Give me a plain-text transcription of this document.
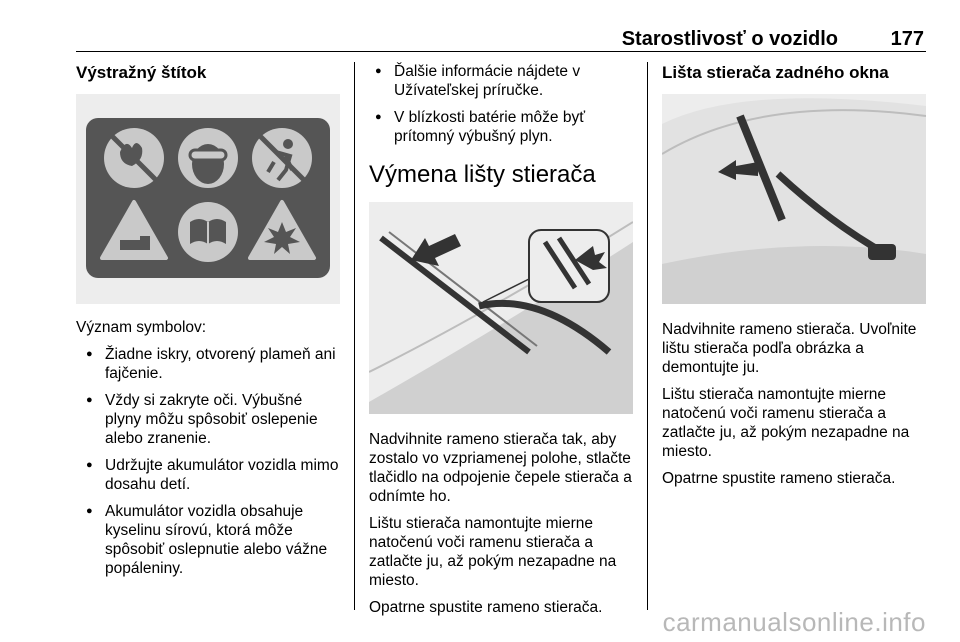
Starostlivosť o vozidlo	177
Výstražný štítok

Význam symbolov:

● Žiadne iskry, otvorený plameň ani fajčenie.
● Vždy si zakryte oči. Výbušné plyny môžu spôsobiť oslepenie alebo zranenie.
● Udržujte akumulátor vozidla mimo dosahu detí.
● Akumulátor vozidla obsahuje kyselinu sírovú, ktorá môže spôsobiť oslepnutie alebo vážne popáleniny.
● Ďalšie informácie nájdete v Užívateľskej príručke.
● V blízkosti batérie môže byť prítomný výbušný plyn.
Výmena lišty stierača

Nadvihnite rameno stierača tak, aby zostalo vo vzpriamenej polohe, stlačte tlačidlo na odpojenie čepele stierača a odnímte ho.

Lištu stierača namontujte mierne natočenú voči ramenu stierača a zatlačte ju, až pokým nezapadne na miesto.

Opatrne spustite rameno stierača.

Lišta stierača zadného okna

Nadvihnite rameno stierača. Uvoľnite lištu stierača podľa obrázka a demontujte ju.

Lištu stierača namontujte mierne natočenú voči ramenu stierača a zatlačte ju, až pokým nezapadne na miesto.

Opatrne spustite rameno stierača.

carmanualsonline.info
